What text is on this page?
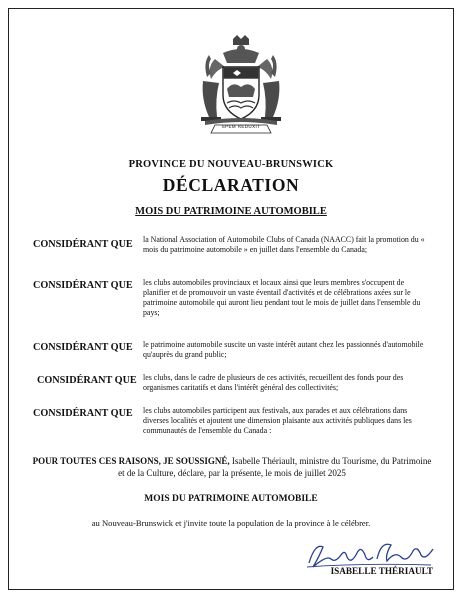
SPEM REDUXIT
PROVINCE DU NOUVEAU-BRUNSWICK
DÉCLARATION
MOIS DU PATRIMOINE AUTOMOBILE
CONSIDÉRANT QUE la National Association of Automobile Clubs of Canada (NAACC) fait la promotion du « mois du patrimoine automobile » en juillet dans l'ensemble du Canada;
CONSIDÉRANT QUE les clubs automobiles provinciaux et locaux ainsi que leurs membres s'occupent de planifier et de promouvoir un vaste éventail d'activités et de célébrations axées sur le patrimoine automobile qui auront lieu pendant tout le mois de juillet dans l'ensemble du pays;
CONSIDÉRANT QUE le patrimoine automobile suscite un vaste intérêt autant chez les passionnés d'automobile qu'auprès du grand public;
CONSIDÉRANT QUE les clubs, dans le cadre de plusieurs de ces activités, recueillent des fonds pour des organismes caritatifs et dans l'intérêt général des collectivités;
CONSIDÉRANT QUE les clubs automobiles participent aux festivals, aux parades et aux célébrations dans diverses localités et ajoutent une dimension plaisante aux activités publiques dans les communautés de l'ensemble du Canada :
POUR TOUTES CES RAISONS, JE SOUSSIGNÉ, Isabelle Thériault, ministre du Tourisme, du Patrimoine et de la Culture, déclare, par la présente, le mois de juillet 2025
MOIS DU PATRIMOINE AUTOMOBILE
au Nouveau-Brunswick et j'invite toute la population de la province à le célébrer.
ISABELLE THÉRIAULT
